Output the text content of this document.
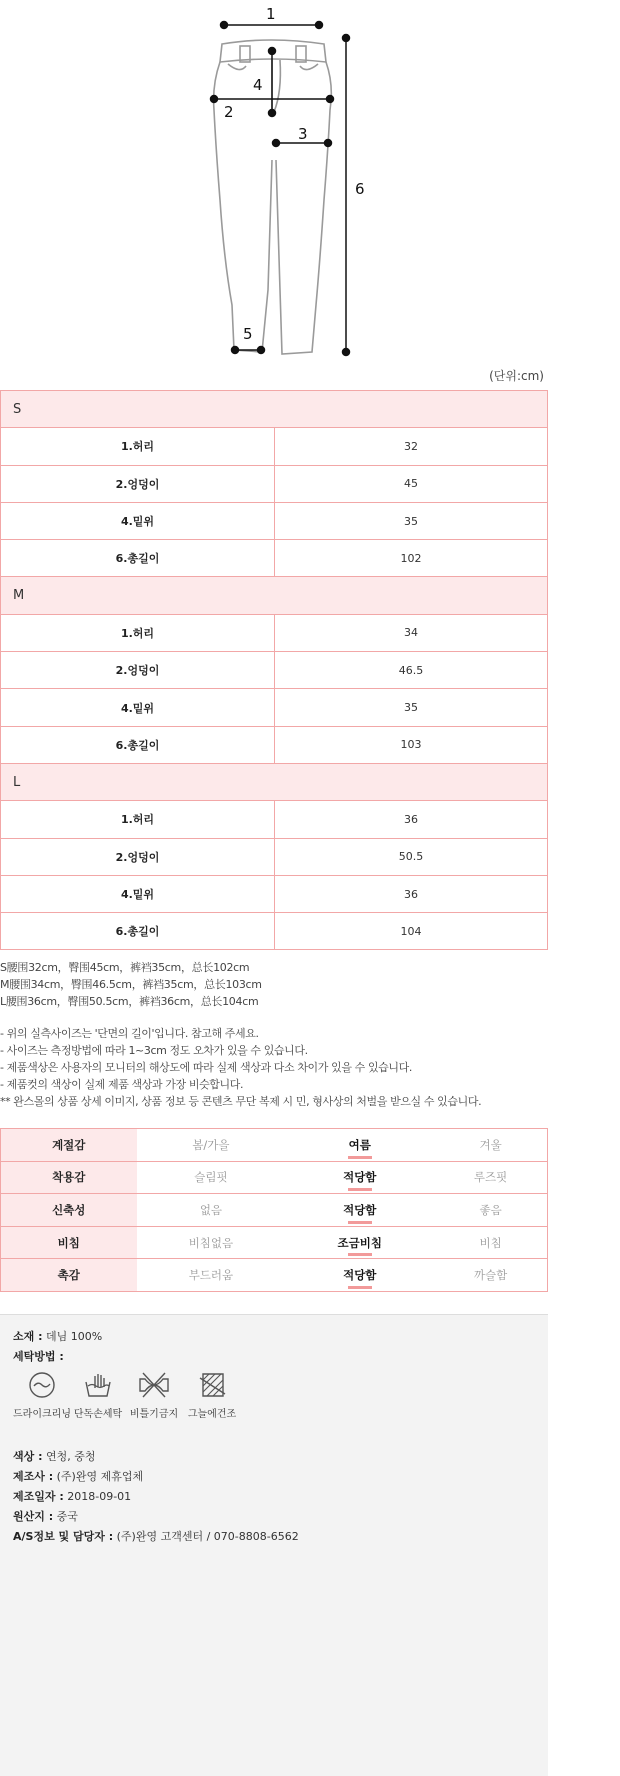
1
2
3
4
5
6
(단위:cm)
S	
1.허리	32
2.엉덩이	45
4.밑위	35
6.총길이	102
M	
1.허리	34
2.엉덩이	46.5
4.밑위	35
6.총길이	103
L	
1.허리	36
2.엉덩이	50.5
4.밑위	36
6.총길이	104
S腰围32cm，臀围45cm，裤裆35cm，总长102cm
M腰围34cm，臀围46.5cm，裤裆35cm，总长103cm
L腰围36cm，臀围50.5cm，裤裆36cm，总长104cm
- 위의 실측사이즈는 '단면의 길이'입니다. 참고해 주세요.
- 사이즈는 측정방법에 따라 1~3cm 정도 오차가 있을 수 있습니다.
- 제품색상은 사용자의 모니터의 해상도에 따라 실제 색상과 다소 차이가 있을 수 있습니다.
- 제품컷의 색상이 실제 제품 색상과 가장 비슷합니다.
** 완스몰의 상품 상세 이미지, 상품 정보 등 콘텐츠 무단 복제 시 민, 형사상의 처벌을 받으실 수 있습니다.
계절감	봄/가을	여름	겨울
착용감	슬림핏	적당함	루즈핏
신축성	없음	적당함	좋음
비침	비침없음	조금비침	비침
촉감	부드러움	적당함	까슬함
소재 : 데님 100%
세탁방법 :
색상 : 연청, 중청
제조사 : (주)완영 제휴업체
제조일자 : 2018-09-01
원산지 : 중국
A/S정보 및 담당자 : (주)완영 고객센터 / 070-8808-6562
드라이크리닝 단독손세탁 비틀기금지 그늘에건조
